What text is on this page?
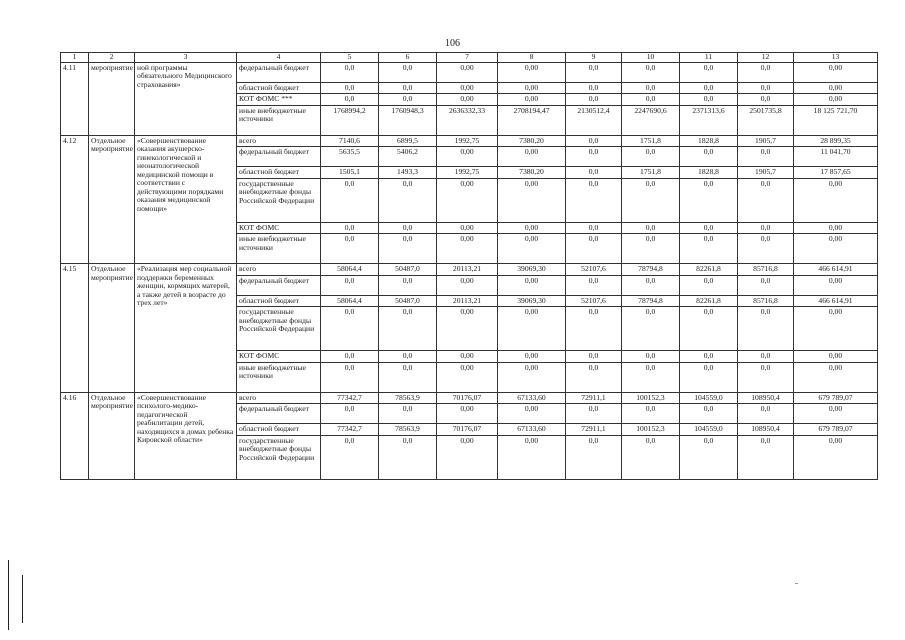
106
1	2	3	4	5	6	7	8	9	10	11	12	13
4.11	мероприятие	ной программы обязательного Медицинского страхования»	федеральный бюджет	0,0	0,0	0,00	0,00	0,0	0,0	0,0	0,0	0,00
			областной бюджет	0,0	0,0	0,00	0,00	0,0	0,0	0,0	0,0	0,00
			КОТ ФОМС ***	0,0	0,0	0,00	0,00	0,0	0,0	0,0	0,0	0,00
			иные внебюджетные источники	1768994,2	1760948,3	2636332,33	2708194,47	2130512,4	2247690,6	2371313,6	2501735,8	18 125 721,70
4.12	Отдельное мероприятие	«Совершенствование оказания акушерско-гинекологической и неонатологической медицинской помощи в соответствии с действующими порядками оказания медицинской помощи»	всего	7140,6	6899,5	1992,75	7380,20	0,0	1751,8	1828,8	1905,7	28 899,35
			федеральный бюджет	5635,5	5406,2	0,00	0,00	0,0	0,0	0,0	0,0	11 041,70
			областной бюджет	1505,1	1493,3	1992,75	7380,20	0,0	1751,8	1828,8	1905,7	17 857,65
			государственные внебюджетные фонды Российской Федерации	0,0	0,0	0,00	0,00	0,0	0,0	0,0	0,0	0,00
			КОТ ФОМС	0,0	0,0	0,00	0,00	0,0	0,0	0,0	0,0	0,00
			иные внебюджетные источники	0,0	0,0	0,00	0,00	0,0	0,0	0,0	0,0	0,00
4.15	Отдельное мероприятие	«Реализация мер социальной поддержки беременных женщин, кормящих матерей, а также детей в возрасте до трех лет»	всего	58064,4	50487,0	20113,21	39069,30	52107,6	78794,8	82261,8	85716,8	466 614,91
			федеральный бюджет	0,0	0,0	0,00	0,00	0,0	0,0	0,0	0,0	0,00
			областной бюджет	58064,4	50487,0	20113,21	39069,30	52107,6	78794,8	82261,8	85716,8	466 614,91
			государственные внебюджетные фонды Российской Федерации	0,0	0,0	0,00	0,00	0,0	0,0	0,0	0,0	0,00
			КОТ ФОМС	0,0	0,0	0,00	0,00	0,0	0,0	0,0	0,0	0,00
			иные внебюджетные источники	0,0	0,0	0,00	0,00	0,0	0,0	0,0	0,0	0,00
4.16	Отдельное мероприятие	«Совершенствование психолого-медико-педагогической реабилитации детей, находящихся в домах ребенка Кировской области»	всего	77342,7	78563,9	70176,07	67133,60	72911,1	100152,3	104559,0	108950,4	679 789,07
			федеральный бюджет	0,0	0,0	0,00	0,00	0,0	0,0	0,0	0,0	0,00
			областной бюджет	77342,7	78563,9	70176,07	67133,60	72911,1	100152,3	104559,0	108950,4	679 789,07
			государственные внебюджетные фонды Российской Федерации	0,0	0,0	0,00	0,00	0,0	0,0	0,0	0,0	0,00
